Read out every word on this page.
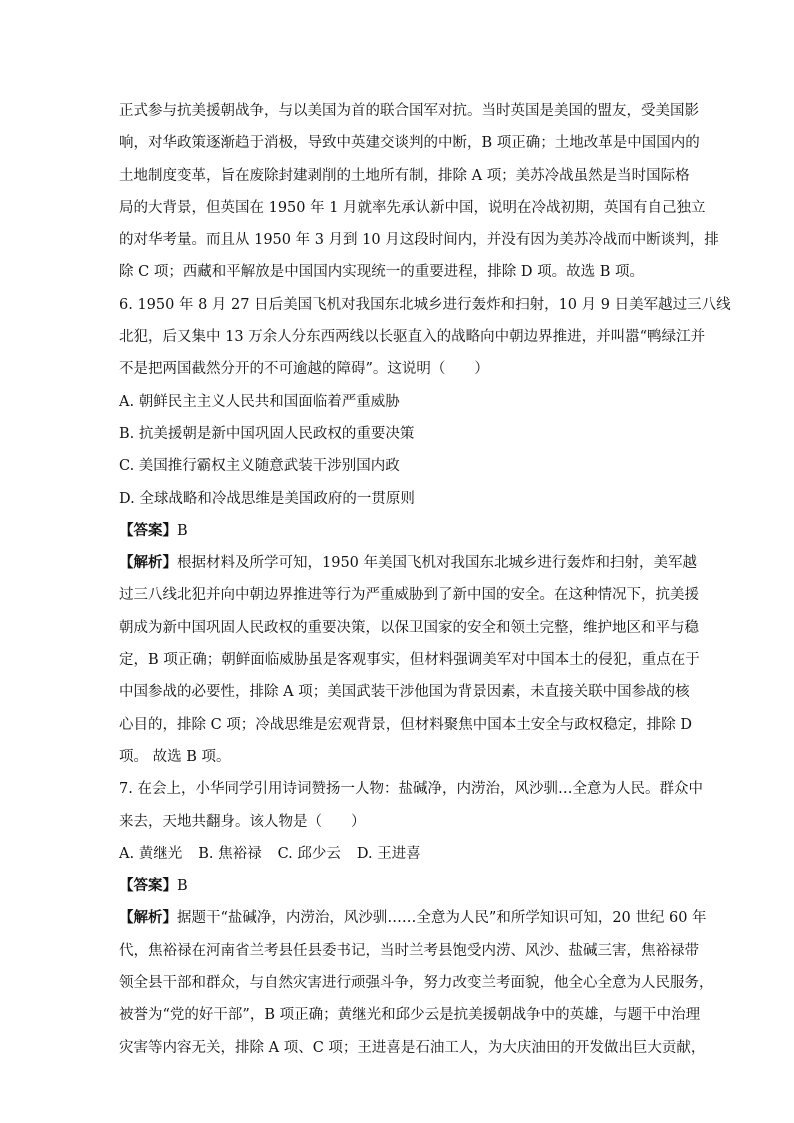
正式参与抗美援朝战争，与以美国为首的联合国军对抗。当时英国是美国的盟友，受美国影
响，对华政策逐渐趋于消极，导致中英建交谈判的中断，B 项正确；土地改革是中国国内的
土地制度变革，旨在废除封建剥削的土地所有制，排除 A 项；美苏冷战虽然是当时国际格
局的大背景，但英国在 1950 年 1 月就率先承认新中国，说明在冷战初期，英国有自己独立
的对华考量。而且从 1950 年 3 月到 10 月这段时间内，并没有因为美苏冷战而中断谈判，排
除 C 项；西藏和平解放是中国国内实现统一的重要进程，排除 D 项。故选 B 项。
6. 1950 年 8 月 27 日后美国飞机对我国东北城乡进行轰炸和扫射，10 月 9 日美军越过三八线
北犯，后又集中 13 万余人分东西两线以长驱直入的战略向中朝边界推进，并叫嚣“鸭绿江并
不是把两国截然分开的不可逾越的障碍”。这说明（　　）
A. 朝鲜民主主义人民共和国面临着严重威胁
B. 抗美援朝是新中国巩固人民政权的重要决策
C. 美国推行霸权主义随意武装干涉别国内政
D. 全球战略和冷战思维是美国政府的一贯原则
【答案】B
【解析】根据材料及所学可知，1950 年美国飞机对我国东北城乡进行轰炸和扫射，美军越
过三八线北犯并向中朝边界推进等行为严重威胁到了新中国的安全。在这种情况下，抗美援
朝成为新中国巩固人民政权的重要决策，以保卫国家的安全和领土完整，维护地区和平与稳
定，B 项正确；朝鲜面临威胁虽是客观事实，但材料强调美军对中国本土的侵犯，重点在于
中国参战的必要性，排除 A 项；美国武装干涉他国为背景因素，未直接关联中国参战的核
心目的，排除 C 项；冷战思维是宏观背景，但材料聚焦中国本土安全与政权稳定，排除 D
项。 故选 B 项。
7. 在会上，小华同学引用诗词赞扬一人物：盐碱净，内涝治，风沙驯…全意为人民。群众中
来去，天地共翻身。该人物是（　　）
A. 黄继光 B. 焦裕禄 C. 邱少云 D. 王进喜
【答案】B
【解析】据题干“盐碱净，内涝治，风沙驯……全意为人民”和所学知识可知，20 世纪 60 年
代，焦裕禄在河南省兰考县任县委书记，当时兰考县饱受内涝、风沙、盐碱三害，焦裕禄带
领全县干部和群众，与自然灾害进行顽强斗争，努力改变兰考面貌，他全心全意为人民服务，
被誉为“党的好干部”，B 项正确；黄继光和邱少云是抗美援朝战争中的英雄，与题干中治理
灾害等内容无关，排除 A 项、C 项；王进喜是石油工人，为大庆油田的开发做出巨大贡献，
